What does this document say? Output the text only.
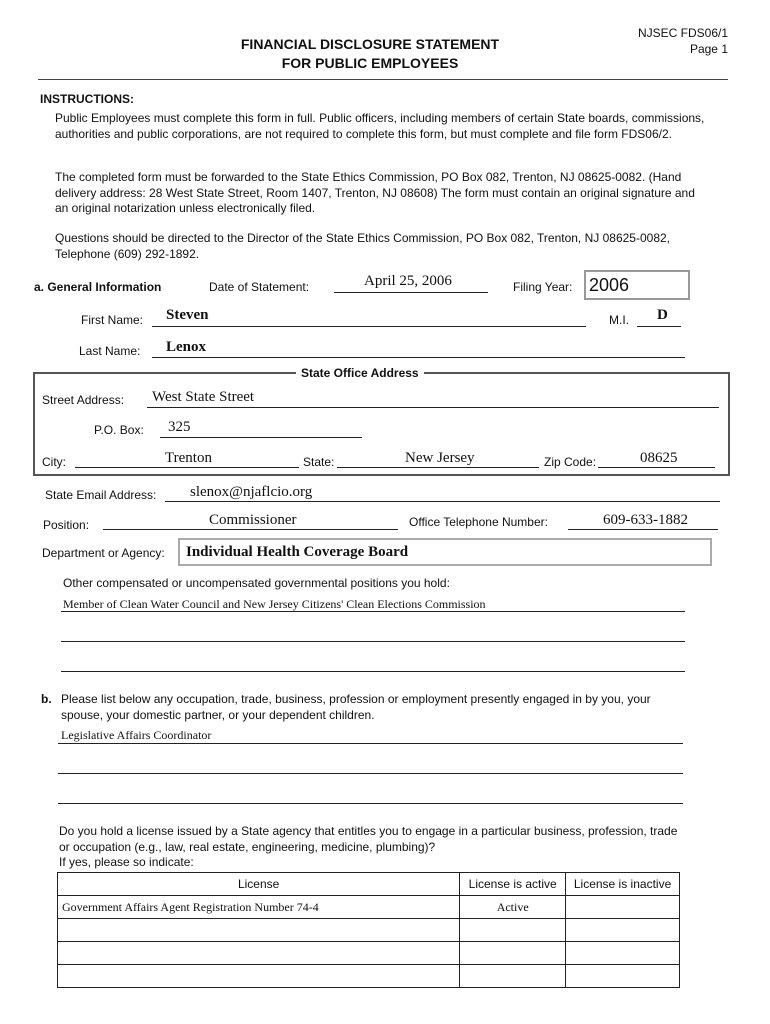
FINANCIAL DISCLOSURE STATEMENT
FOR PUBLIC EMPLOYEES
NJSEC FDS06/1
Page 1
INSTRUCTIONS:
Public Employees must complete this form in full. Public officers, including members of certain State boards, commissions, authorities and public corporations, are not required to complete this form, but must complete and file form FDS06/2.
The completed form must be forwarded to the State Ethics Commission, PO Box 082, Trenton, NJ 08625-0082. (Hand delivery address: 28 West State Street, Room 1407, Trenton, NJ 08608) The form must contain an original signature and an original notarization unless electronically filed.
Questions should be directed to the Director of the State Ethics Commission, PO Box 082, Trenton, NJ 08625-0082, Telephone (609) 292-1892.
a. General Information	Date of Statement:	April 25, 2006	Filing Year: 2006
First Name: Steven	M.I. D
Last Name: Lenox
State Office Address
Street Address: West State Street
P.O. Box: 325
City:	Trenton	State:	New Jersey	Zip Code:	08625
State Email Address: slenox@njaflcio.org
Position:	Commissioner	Office Telephone Number:	609-633-1882
Department or Agency: Individual Health Coverage Board
Other compensated or uncompensated governmental positions you hold:
Member of Clean Water Council and New Jersey Citizens' Clean Elections Commission
b. Please list below any occupation, trade, business, profession or employment presently engaged in by you, your spouse, your domestic partner, or your dependent children.
Legislative Affairs Coordinator
Do you hold a license issued by a State agency that entitles you to engage in a particular business, profession, trade or occupation (e.g., law, real estate, engineering, medicine, plumbing)?
If yes, please so indicate:
License	License is active	License is inactive
Government Affairs Agent Registration Number 74-4	Active	
